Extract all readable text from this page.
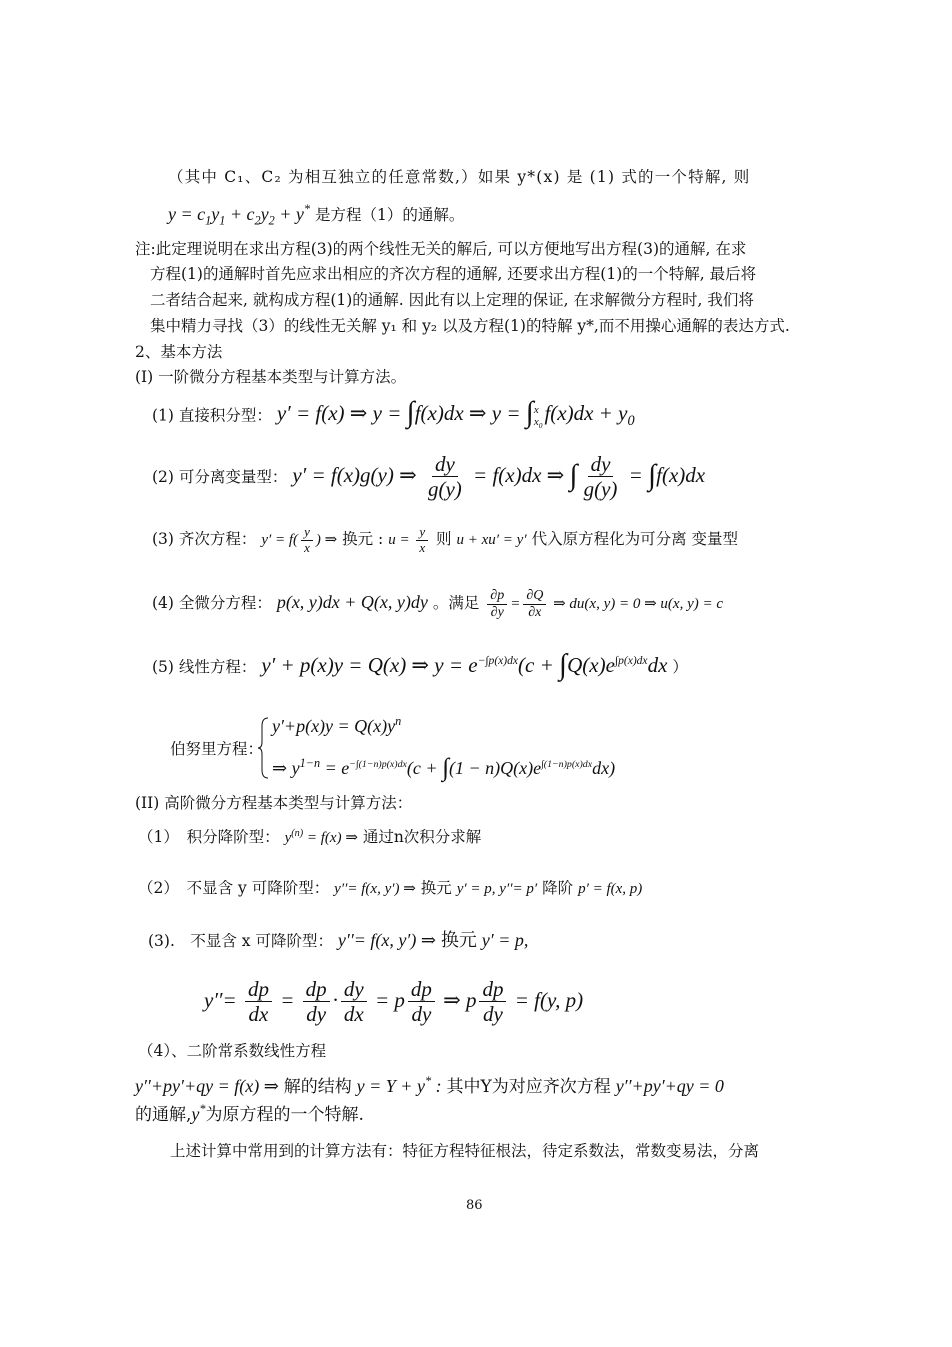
（其中 C₁、C₂ 为相互独立的任意常数,）如果 y*(x) 是 (1) 式的一个特解, 则
$y = c_1y_1 + c_2y_2 + y^*$ 是方程（1）的通解。
注:此定理说明在求出方程(3)的两个线性无关的解后, 可以方便地写出方程(3)的通解, 在求
方程(1)的通解时首先应求出相应的齐次方程的通解, 还要求出方程(1)的一个特解, 最后将
二者结合起来, 就构成方程(1)的通解. 因此有以上定理的保证, 在求解微分方程时, 我们将
集中精力寻找（3）的线性无关解 y₁ 和 y₂ 以及方程(1)的特解 y*,而不用操心通解的表达方式.
2、基本方法
(I) 一阶微分方程基本类型与计算方法。
(1) 直接积分型： y′ = f(x) ⇒ y = ∫f(x)dx ⇒ y = ∫ x
$x_0$ $f(x)dx + y_0$
(2) 可分离变量型： y′ = f(x)g(y) ⇒ $\frac{dy}{g(y)} = f(x)dx$ ⇒ ∫ $\frac{dy}{g(y)} = \int f(x)dx$
(3) 齐次方程： $y' = f( \frac{y}{x}$ ) ⇒ 换元 : $u = \frac{y}{x}$ 则 u + xu′ = y′ 代入原方程化为可分离 变量型
(4) 全微分方程： p(x, y)dx + Q(x, y)dy 。满足 $\frac{\partial p}{\partial y} = \frac{\partial Q}{\partial x}$ ⇒ du(x, y) = 0 ⇒ u(x, y) = c
(5) 线性方程： y′ + p(x)y = Q(x) ⇒ $y = e^{-\int p(x)dx}(c + \int Q(x)e^{\int p(x)dx}dx$ ）
伯努里方程：
$y'+p(x)y = Q(x)y^n$
⇒ $y^{1-n} = e^{-\int(1-n)p(x)dx}(c + \int(1 - n)Q(x)e^{\int(1-n)p(x)dx}dx)$
(II) 高阶微分方程基本类型与计算方法：
（1）　积分降阶型： $y^{(n)} = f(x)$ ⇒ 通过n次积分求解
（2）　不显含 y 可降阶型： y′′= f(x, y′) ⇒ 换元 y′ = p, y′′= p′ 降阶 p′ = f(x, p)
(3).　不显含 x 可降阶型： y′′= f(x, y′) ⇒ 换元 y′ = p,
$y''= \frac{dp}{dx} = \frac{dp}{dy} \cdot \frac{dy}{dx} = p \frac{dp}{dy}$ ⇒ p $\frac{dp}{dy} = f(y$, p)
（4）、二阶常系数线性方程
y′′+py′+qy = f(x) ⇒ 解的结构 y = Y + y* : 其中Y为对应齐次方程 y′′+py′+qy = 0
的通解,y*为原方程的一个特解.
上述计算中常用到的计算方法有：特征方程特征根法，待定系数法，常数变易法，分离
86
